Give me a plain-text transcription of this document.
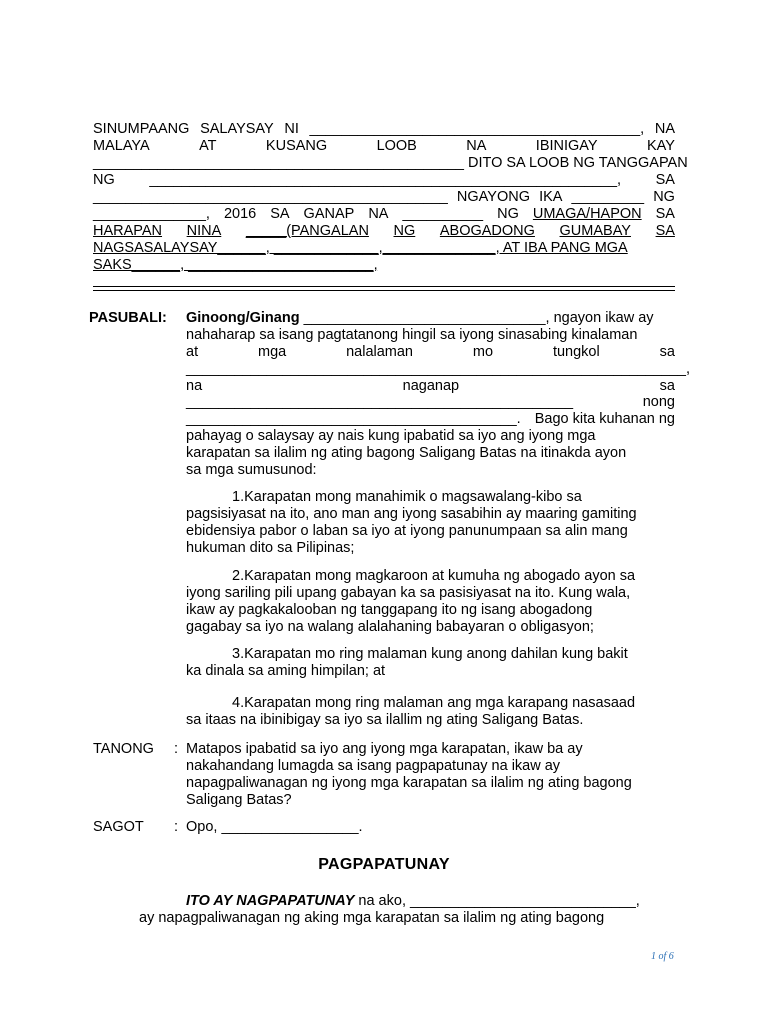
SINUMPAANG SALAYSAY NI _________________________________________, NA
MALAYA	AT	KUSANG	LOOB	NA	IBINIGAY	KAY
______________________________________________ DITO SA LOOB NG TANGGAPAN
NG __________________________________________________________, SA
____________________________________________ NGAYONG IKA _________ NG
______________, 2016 SA GANAP NA __________ NG UMAGA/HAPON SA
HARAPAN NINA _____(PANGALAN NG ABOGADONG GUMABAY SA
NAGSASALAYSAY______, _____________,______________, AT IBA PANG MGA
SAKS______, _______________________,
PASUBALI: Ginoong/Ginang ______________________________, ngayon ikaw ay
nahaharap sa isang pagtatanong hingil sa iyong sinasabing kinalaman
at	mga	nalalaman	mo	tungkol	sa
______________________________________________________________,
na	naganap	sa
________________________________________________	nong
_________________________________________. Bago kita kuhanan ng
pahayag o salaysay ay nais kung ipabatid sa iyo ang iyong mga
karapatan sa ilalim ng ating bagong Saligang Batas na itinakda ayon
sa mga sumusunod:
1.Karapatan mong manahimik o magsawalang-kibo sa
pagsisiyasat na ito, ano man ang iyong sasabihin ay maaring gamiting
ebidensiya pabor o laban sa iyo at iyong panunumpaan sa alin mang
hukuman dito sa Pilipinas;
2.Karapatan mong magkaroon at kumuha ng abogado ayon sa
iyong sariling pili upang gabayan ka sa pasisiyasat na ito. Kung wala,
ikaw ay pagkakalooban ng tanggapang ito ng isang abogadong
gagabay sa iyo na walang alalahaning babayaran o obligasyon;
3.Karapatan mo ring malaman kung anong dahilan kung bakit
ka dinala sa aming himpilan; at
4.Karapatan mong ring malaman ang mga karapang nasasaad
sa itaas na ibinibigay sa iyo sa ilallim ng ating Saligang Batas.
TANONG : Matapos ipabatid sa iyo ang iyong mga karapatan, ikaw ba ay
nakahandang lumagda sa isang pagpapatunay na ikaw ay
napagpaliwanagan ng iyong mga karapatan sa ilalim ng ating bagong
Saligang Batas?
SAGOT : Opo, _________________.
PAGPAPATUNAY
ITO AY NAGPAPATUNAY na ako, ____________________________,
ay napagpaliwanagan ng aking mga karapatan sa ilalim ng ating bagong
1 of 6
